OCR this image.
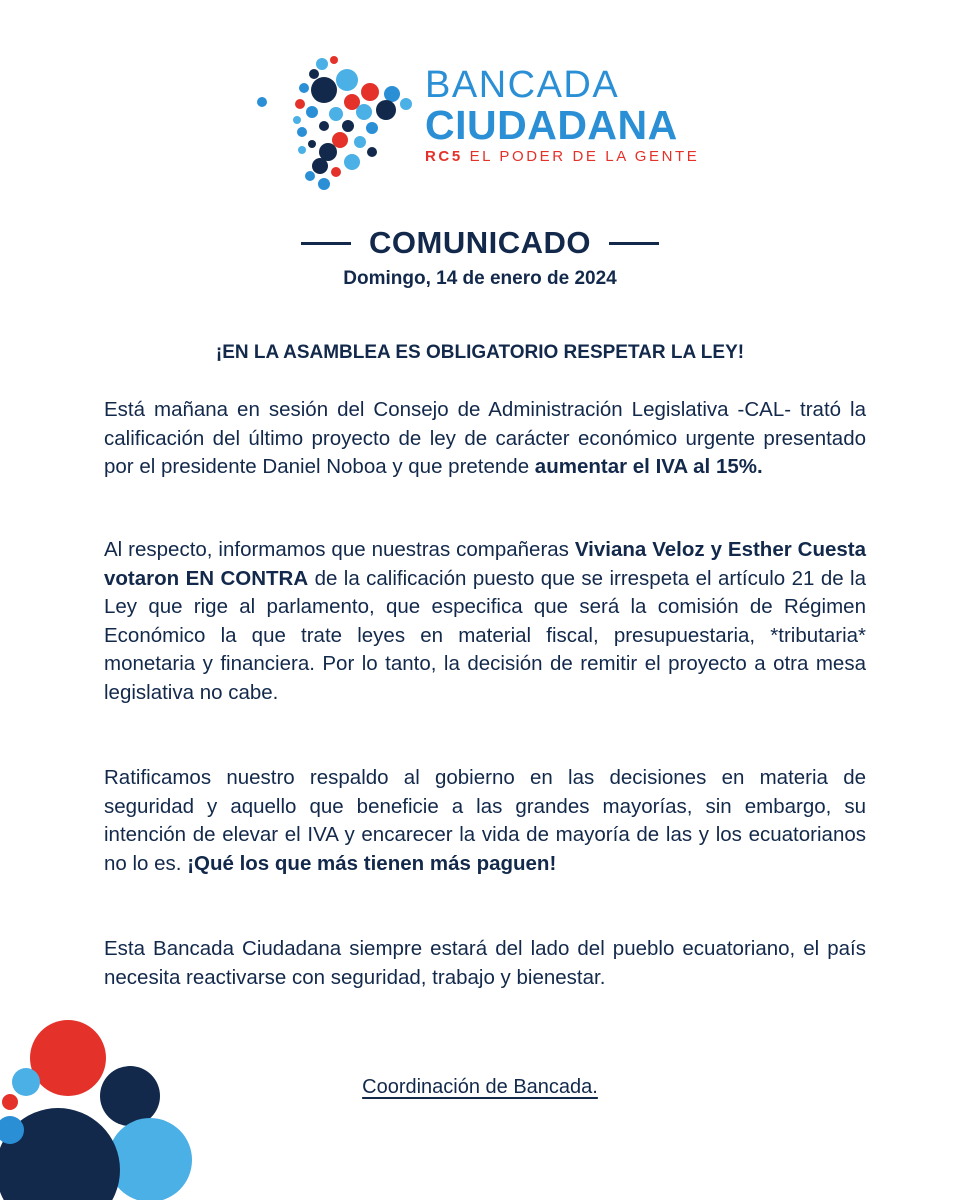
BANCADA
CIUDADANA
RC5 EL PODER DE LA GENTE
COMUNICADO
Domingo, 14 de enero de 2024
¡EN LA ASAMBLEA ES OBLIGATORIO RESPETAR LA LEY!
Está mañana en sesión del Consejo de Administración Legislativa -CAL- trató la calificación del último proyecto de ley de carácter económico urgente presentado por el presidente Daniel Noboa y que pretende aumentar el IVA al 15%.
Al respecto, informamos que nuestras compañeras Viviana Veloz y Esther Cuesta votaron EN CONTRA de la calificación puesto que se irrespeta el artículo 21 de la Ley que rige al parlamento, que especifica que será la comisión de Régimen Económico la que trate leyes en material fiscal, presupuestaria, *tributaria* monetaria y financiera. Por lo tanto, la decisión de remitir el proyecto a otra mesa legislativa no cabe.
Ratificamos nuestro respaldo al gobierno en las decisiones en materia de seguridad y aquello que beneficie a las grandes mayorías, sin embargo, su intención de elevar el IVA y encarecer la vida de mayoría de las y los ecuatorianos no lo es. ¡Qué los que más tienen más paguen!
Esta Bancada Ciudadana siempre estará del lado del pueblo ecuatoriano, el país necesita reactivarse con seguridad, trabajo y bienestar.
Coordinación de Bancada.
